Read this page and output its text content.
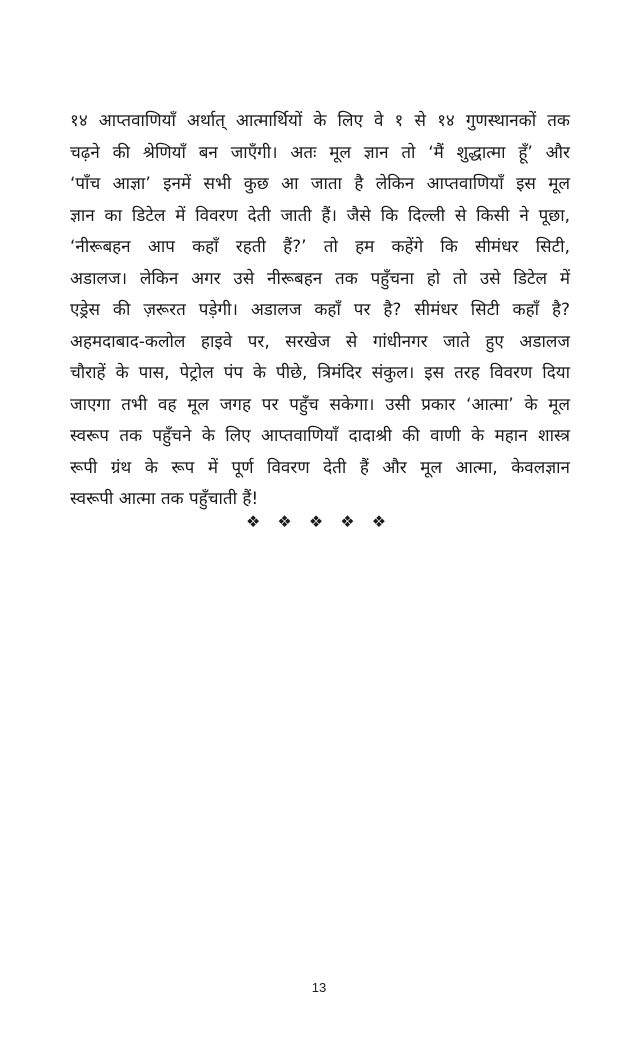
१४ आप्तवाणियाँ अर्थात् आत्मार्थियों के लिए वे १ से १४ गुणस्थानकों तक
चढ़ने की श्रेणियाँ बन जाएँगी। अतः मूल ज्ञान तो ‘मैं शुद्धात्मा हूँ’ और
‘पाँच आज्ञा’ इनमें सभी कुछ आ जाता है लेकिन आप्तवाणियाँ इस मूल
ज्ञान का डिटेल में विवरण देती जाती हैं। जैसे कि दिल्ली से किसी ने पूछा,
‘नीरूबहन आप कहाँ रहती हैं?’ तो हम कहेंगे कि सीमंधर सिटी,
अडालज। लेकिन अगर उसे नीरूबहन तक पहुँचना हो तो उसे डिटेल में
एड्रेस की ज़रूरत पड़ेगी। अडालज कहाँ पर है? सीमंधर सिटी कहाँ है?
अहमदाबाद-कलोल हाइवे पर, सरखेज से गांधीनगर जाते हुए अडालज
चौराहें के पास, पेट्रोल पंप के पीछे, त्रिमंदिर संकुल। इस तरह विवरण दिया
जाएगा तभी वह मूल जगह पर पहुँच सकेगा। उसी प्रकार ‘आत्मा’ के मूल
स्वरूप तक पहुँचने के लिए आप्तवाणियाँ दादाश्री की वाणी के महान शास्त्र
रूपी ग्रंथ के रूप में पूर्ण विवरण देती हैं और मूल आत्मा, केवलज्ञान
स्वरूपी आत्मा तक पहुँचाती हैं!
❖ ❖ ❖ ❖ ❖
13
